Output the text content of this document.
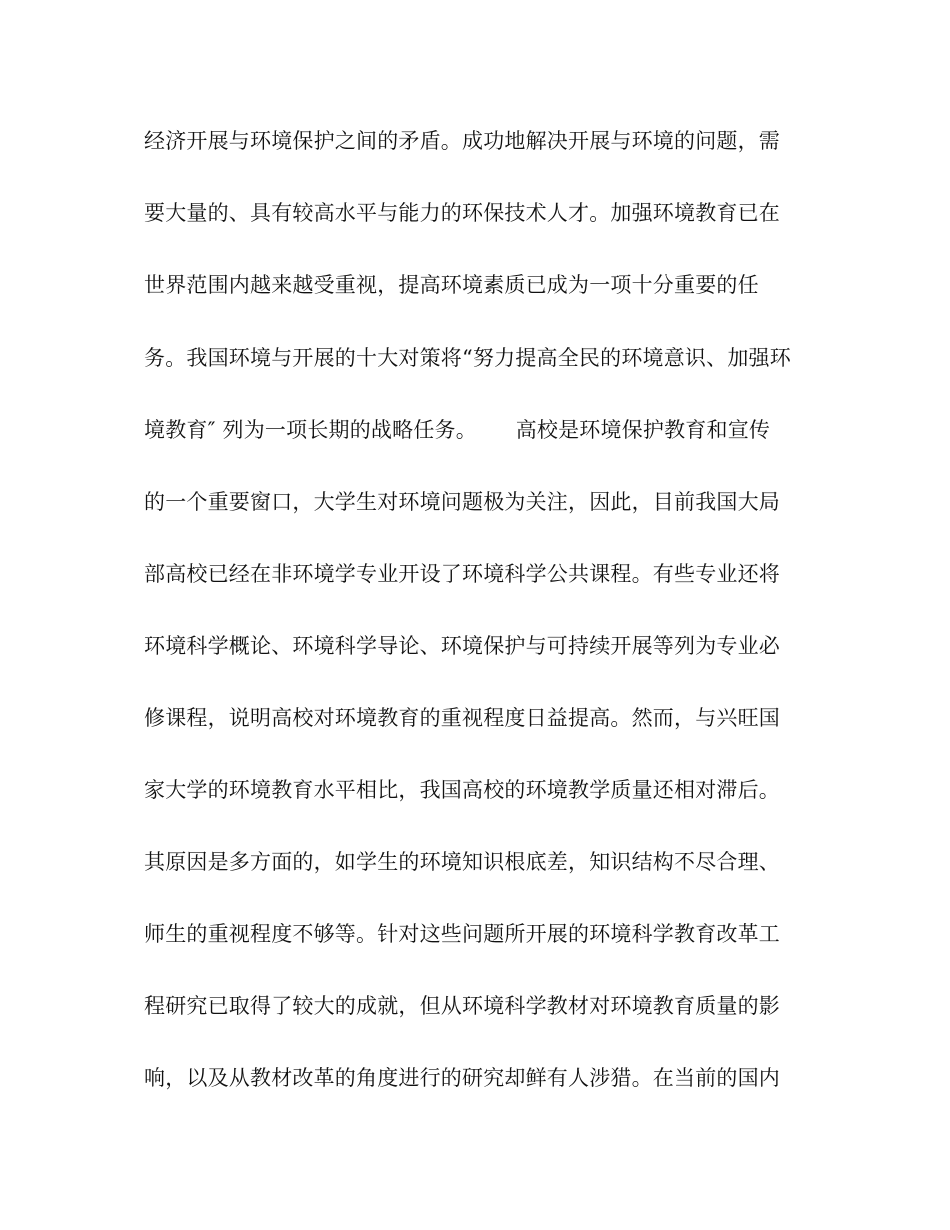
经济开展与环境保护之间的矛盾。成功地解决开展与环境的问题，需
要大量的、具有较高水平与能力的环保技术人才。加强环境教育已在
世界范围内越来越受重视，提高环境素质已成为一项十分重要的任
务。我国环境与开展的十大对策将“努力提高全民的环境意识、加强环
境教育″ 列为一项长期的战略任务。　　 高校是环境保护教育和宣传
的一个重要窗口，大学生对环境问题极为关注，因此，目前我国大局
部高校已经在非环境学专业开设了环境科学公共课程。有些专业还将
环境科学概论、环境科学导论、环境保护与可持续开展等列为专业必
修课程，说明高校对环境教育的重视程度日益提高。然而，与兴旺国
家大学的环境教育水平相比，我国高校的环境教学质量还相对滞后。
其原因是多方面的，如学生的环境知识根底差，知识结构不尽合理、
师生的重视程度不够等。针对这些问题所开展的环境科学教育改革工
程研究已取得了较大的成就，但从环境科学教材对环境教育质量的影
响，以及从教材改革的角度进行的研究却鲜有人涉猎。在当前的国内
